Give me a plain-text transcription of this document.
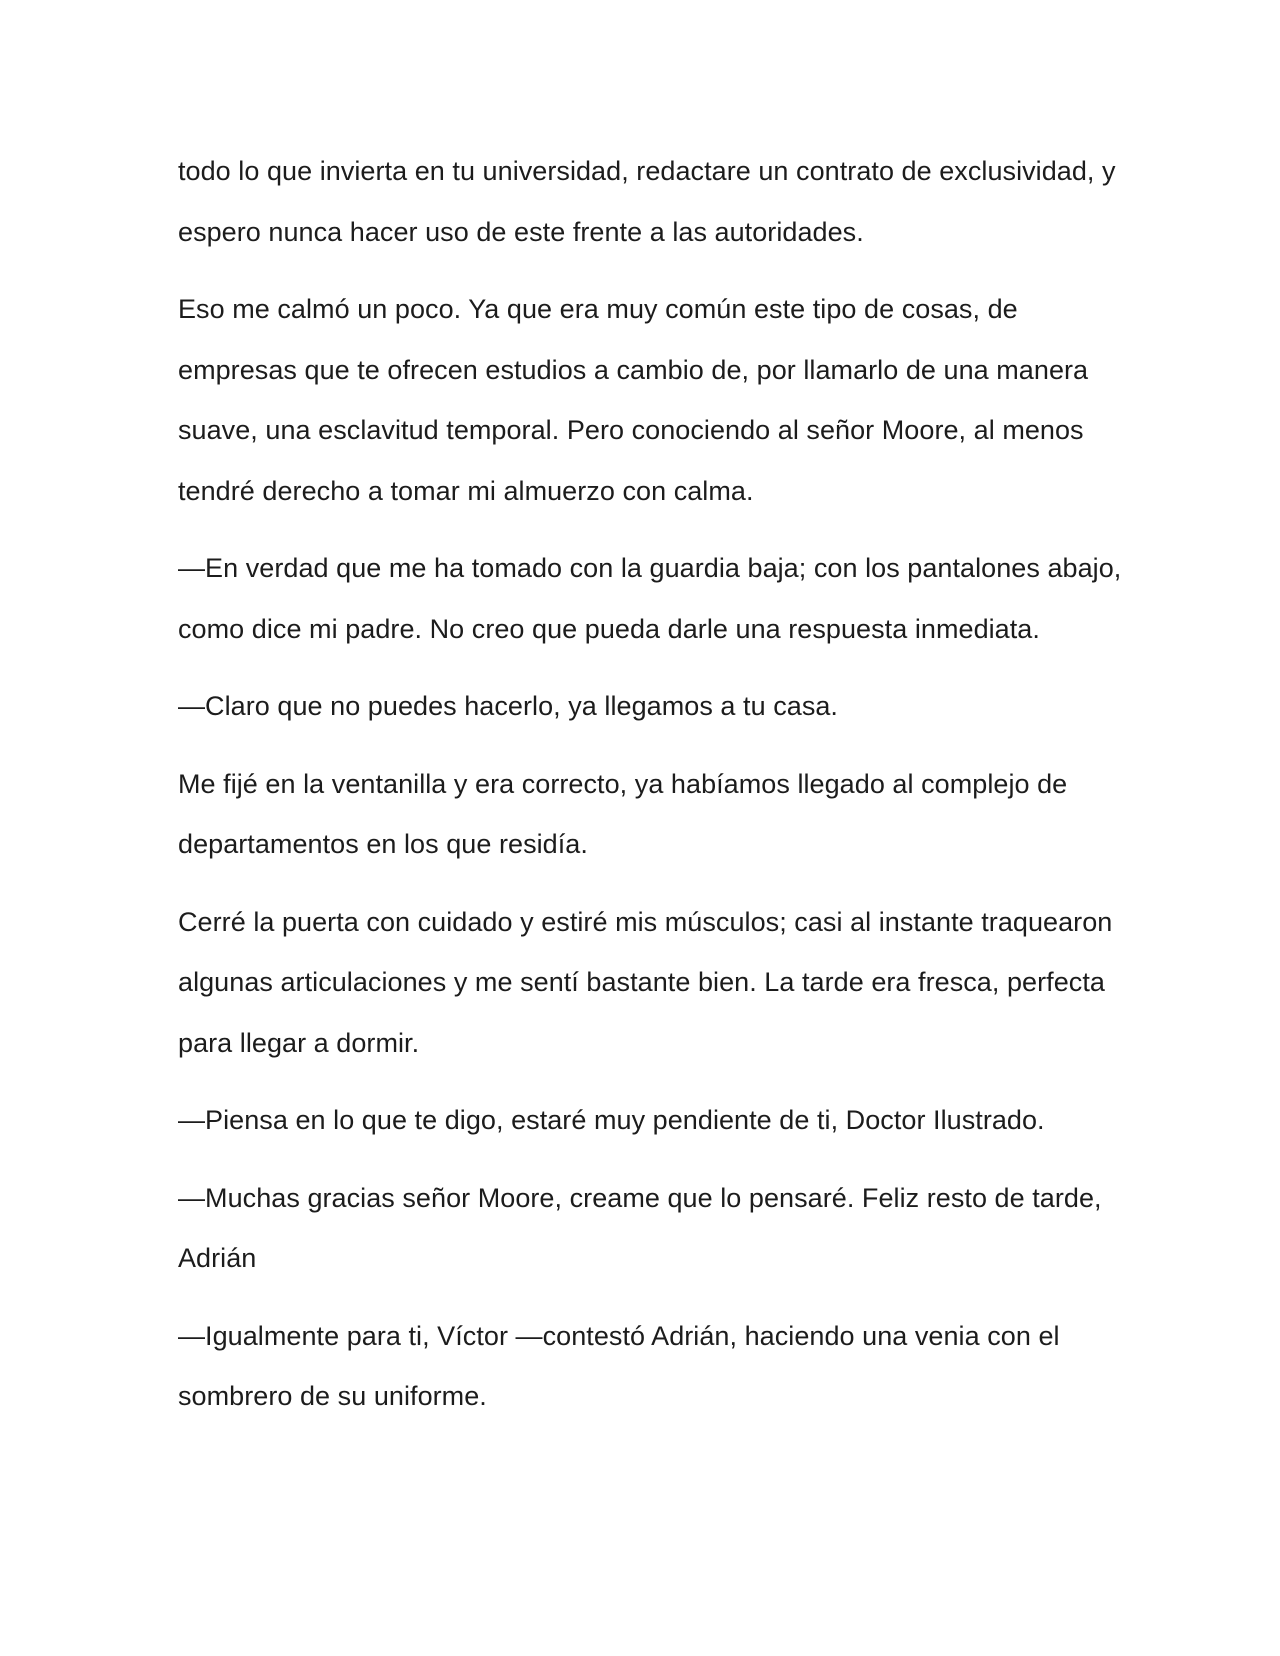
todo lo que invierta en tu universidad, redactare un contrato de exclusividad, y espero nunca hacer uso de este frente a las autoridades.

Eso me calmó un poco. Ya que era muy común este tipo de cosas, de empresas que te ofrecen estudios a cambio de, por llamarlo de una manera suave, una esclavitud temporal. Pero conociendo al señor Moore, al menos tendré derecho a tomar mi almuerzo con calma.

—En verdad que me ha tomado con la guardia baja; con los pantalones abajo, como dice mi padre. No creo que pueda darle una respuesta inmediata.

—Claro que no puedes hacerlo, ya llegamos a tu casa.

Me fijé en la ventanilla y era correcto, ya habíamos llegado al complejo de departamentos en los que residía.

Cerré la puerta con cuidado y estiré mis músculos; casi al instante traquearon algunas articulaciones y me sentí bastante bien. La tarde era fresca, perfecta para llegar a dormir.

—Piensa en lo que te digo, estaré muy pendiente de ti, Doctor Ilustrado.

—Muchas gracias señor Moore, creame que lo pensaré. Feliz resto de tarde, Adrián

—Igualmente para ti, Víctor —contestó Adrián, haciendo una venia con el sombrero de su uniforme.
